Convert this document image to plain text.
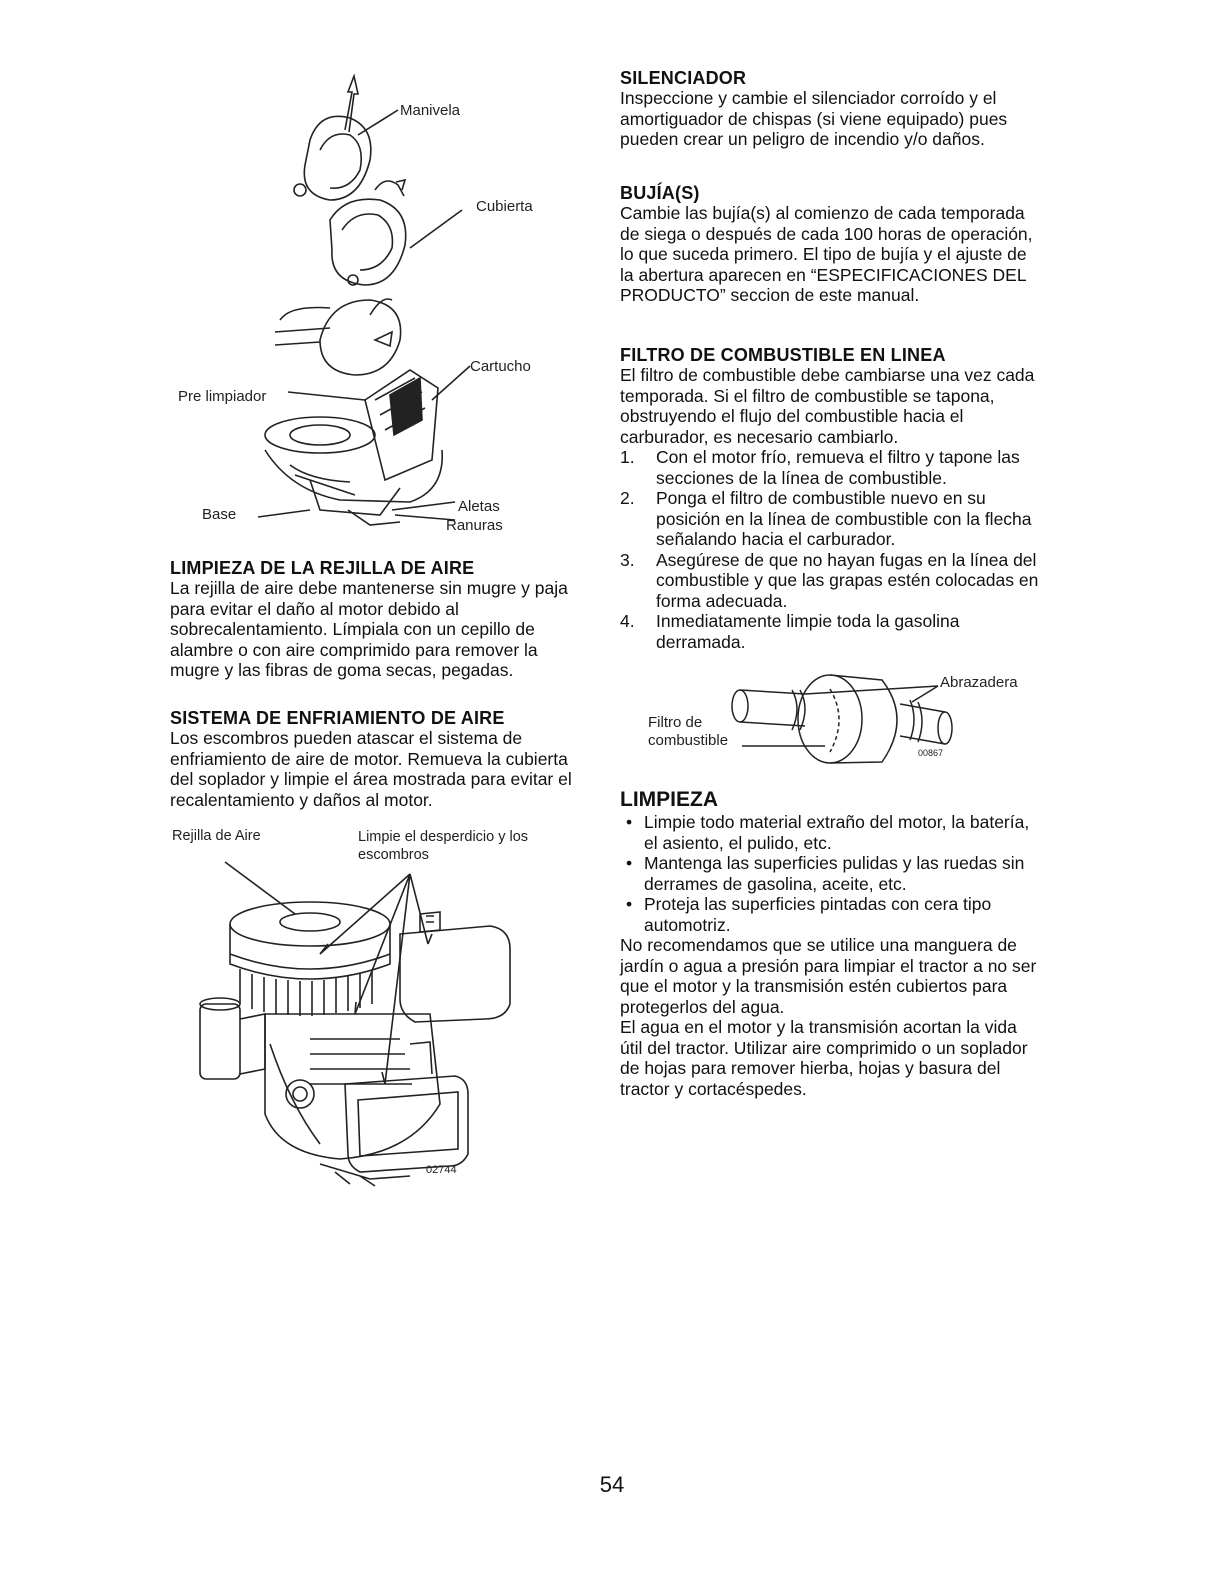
Manivela
Cubierta
Cartucho
Pre limpiador
Base	Aletas
Ranuras
LIMPIEZA DE LA REJILLA DE AIRE

La rejilla de aire debe mantenerse sin mugre y paja para evitar el daño al motor debido al sobrecalentamiento. Límpiala con un cepillo de alambre o con aire comprimido para remover la mugre y las fibras de goma secas, pegadas.

SISTEMA DE ENFRIAMIENTO DE AIRE

Los escombros pueden atascar el sistema de enfriamiento de aire de motor. Remueva la cubierta del soplador y limpie el área mostrada para evitar el recalentamiento y daños al motor.

Rejilla de Aire	Limpie el desperdicio y los escombros
02744
SILENCIADOR

Inspeccione y cambie el silenciador corroído y el amortiguador de chispas (si viene equipado) pues pueden crear un peligro de incendio y/o daños.

BUJÍA(S)

Cambie las bujía(s) al comienzo de cada temporada de siega o después de cada 100 horas de operación, lo que suceda primero. El tipo de bujía y el ajuste de la abertura aparecen en “ESPECIFICACIONES DEL PRODUCTO” seccion de este manual.

FILTRO DE COMBUSTIBLE EN LINEA

El filtro de combustible debe cambiarse una vez cada temporada. Si el filtro de combustible se tapona, obstruyendo el flujo del combustible hacia el carburador, es necesario cambiarlo.

1. Con el motor frío, remueva el filtro y tapone las secciones de la línea de combustible.
2. Ponga el filtro de combustible nuevo en su posición en la línea de combustible con la flecha señalando hacia el carburador.
3. Asegúrese de que no hayan fugas en la línea del combustible y que las grapas estén colocadas en forma adecuada.
4. Inmediatamente limpie toda la gasolina derramada.
Abrazadera
Filtro de
combustible
00867
LIMPIEZA
• Limpie todo material extraño del motor, la batería, el asiento, el pulido, etc.
• Mantenga las superficies pulidas y las ruedas sin derrames de gasolina, aceite, etc.
• Proteja las superficies pintadas con cera tipo automotriz.

No recomendamos que se utilice una manguera de jardín o agua a presión para limpiar el tractor a no ser que el motor y la transmisión estén cubiertos para protegerlos del agua.

El agua en el motor y la transmisión acortan la vida útil del tractor. Utilizar aire comprimido o un soplador de hojas para remover hierba, hojas y basura del tractor y cortacéspedes.

54
